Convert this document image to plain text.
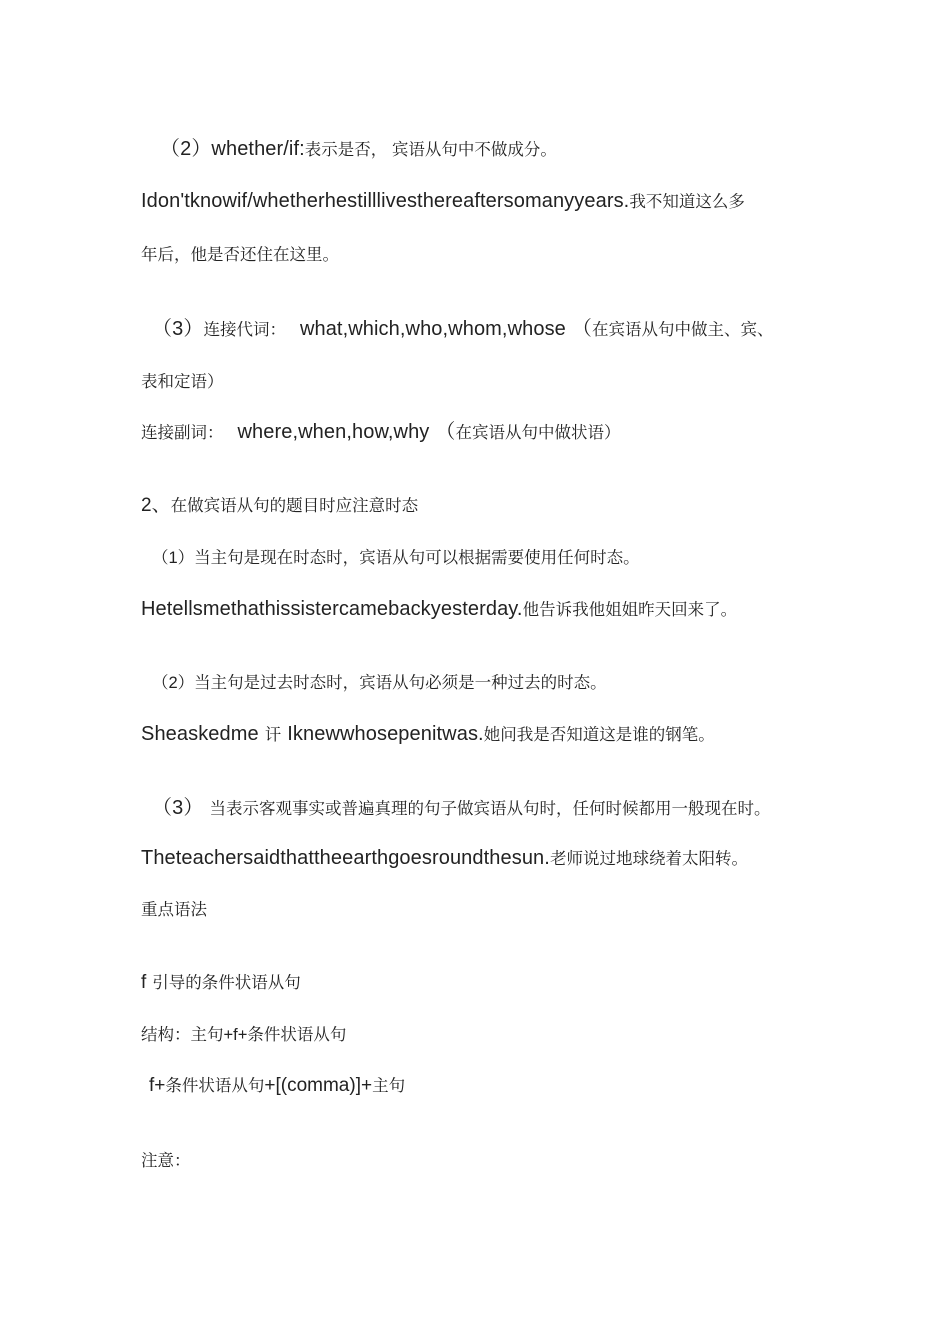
（2）whether/if:表示是否， 宾语从句中不做成分。
Idon'tknowif/whetherhestilllivesthereaftersomanyyears.我不知道这么多
年后，他是否还住在这里。
（3）连接代词： what,which,who,whom,whose （在宾语从句中做主、宾、
表和定语）
连接副词： where,when,how,why （在宾语从句中做状语）
2、在做宾语从句的题目时应注意时态
（1）当主句是现在时态时，宾语从句可以根据需要使用任何时态。
Hetellsmethathissistercamebackyesterday.他告诉我他姐姐昨天回来了。
（2）当主句是过去时态时，宾语从句必须是一种过去的时态。
Sheaskedme 讦 Iknewwhosepenitwas.她问我是否知道这是谁的钢笔。
（3） 当表示客观事实或普遍真理的句子做宾语从句时，任何时候都用一般现在时。
Theteachersaidthattheearthgoesroundthesun.老师说过地球绕着太阳转。
重点语法
f 引导的条件状语从句
结构：主句+f+条件状语从句
f+条件状语从句+[(comma)]+主句
注意：
